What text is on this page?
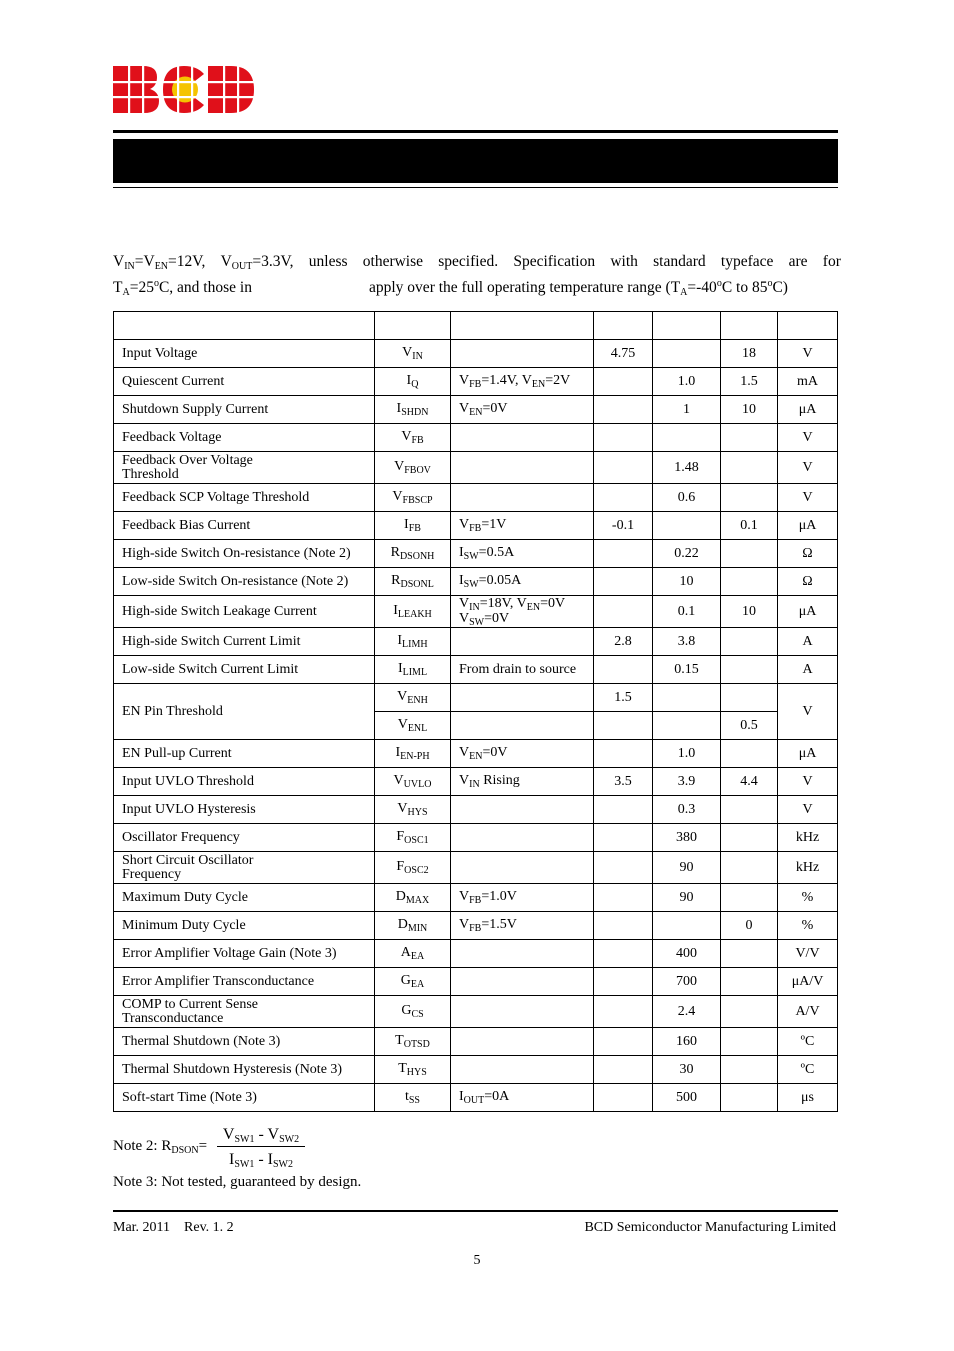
$V_{IN}=V_{EN}=12V$, $V_{OUT}=3.3V$, unless otherwise specified. Specification with standard typeface are for
$T_A=25^oC$, and those in	apply over the full operating temperature range ($T_A=-40^oC$ to 85$^o$C)

Input Voltage	$V_{IN}$		4.75		18	V
Quiescent Current	$I_Q$	$V_{FB}=1.4V$, $V_{EN}=2V$		1.0	1.5	mA
Shutdown Supply Current	$I_{SHDN}$	$V_{EN}=0V$		1	10	μA
Feedback Voltage	$V_{FB}$					V
Feedback Over Voltage
Threshold	$V_{FBOV}$			1.48		V
Feedback SCP Voltage Threshold	$V_{FBSCP}$			0.6		V
Feedback Bias Current	$I_{FB}$	$V_{FB}=1V$	-0.1		0.1	μA
High-side Switch On-resistance (Note 2)	$R_{DSONH}$	$I_{SW}=0.5A$		0.22		Ω
Low-side Switch On-resistance (Note 2)	$R_{DSONL}$	$I_{SW}=0.05A$		10		Ω
High-side Switch Leakage Current	$I_{LEAKH}$	$V_{IN}=18V$, $V_{EN}=0V$
$V_{SW}=0V$		0.1	10	μA
High-side Switch Current Limit	$I_{LIMH}$		2.8	3.8		A
Low-side Switch Current Limit	$I_{LIML}$	From drain to source		0.15		A
EN Pin Threshold	$V_{ENH}$		1.5			V
	$V_{ENL}$				0.5	
EN Pull-up Current	$I_{EN-PH}$	$V_{EN}=0V$		1.0		μA
Input UVLO Threshold	$V_{UVLO}$	$V_{IN}$ Rising	3.5	3.9	4.4	V
Input UVLO Hysteresis	$V_{HYS}$			0.3		V
Oscillator Frequency	$F_{OSC1}$			380		kHz
Short Circuit Oscillator
Frequency	$F_{OSC2}$			90		kHz
Maximum Duty Cycle	$D_{MAX}$	$V_{FB}=1.0V$		90		%
Minimum Duty Cycle	$D_{MIN}$	$V_{FB}=1.5V$			0	%
Error Amplifier Voltage Gain (Note 3)	$A_{EA}$			400		V/V
Error Amplifier Transconductance	$G_{EA}$			700		μA/V
COMP to Current Sense
Transconductance	$G_{CS}$			2.4		A/V
Thermal Shutdown (Note 3)	$T_{OTSD}$			160		ºC
Thermal Shutdown Hysteresis (Note 3)	$T_{HYS}$			30		ºC
Soft-start Time (Note 3)	$t_{SS}$	$I_{OUT}=0A$		500		μs
Note 2: $R_{DSON}=$
$V_{SW1} - V_{SW2}$
$I_{SW1} - I_{SW2}$
Note 3: Not tested, guaranteed by design.
Mar. 2011    Rev. 1. 2	BCD Semiconductor Manufacturing Limited
5
